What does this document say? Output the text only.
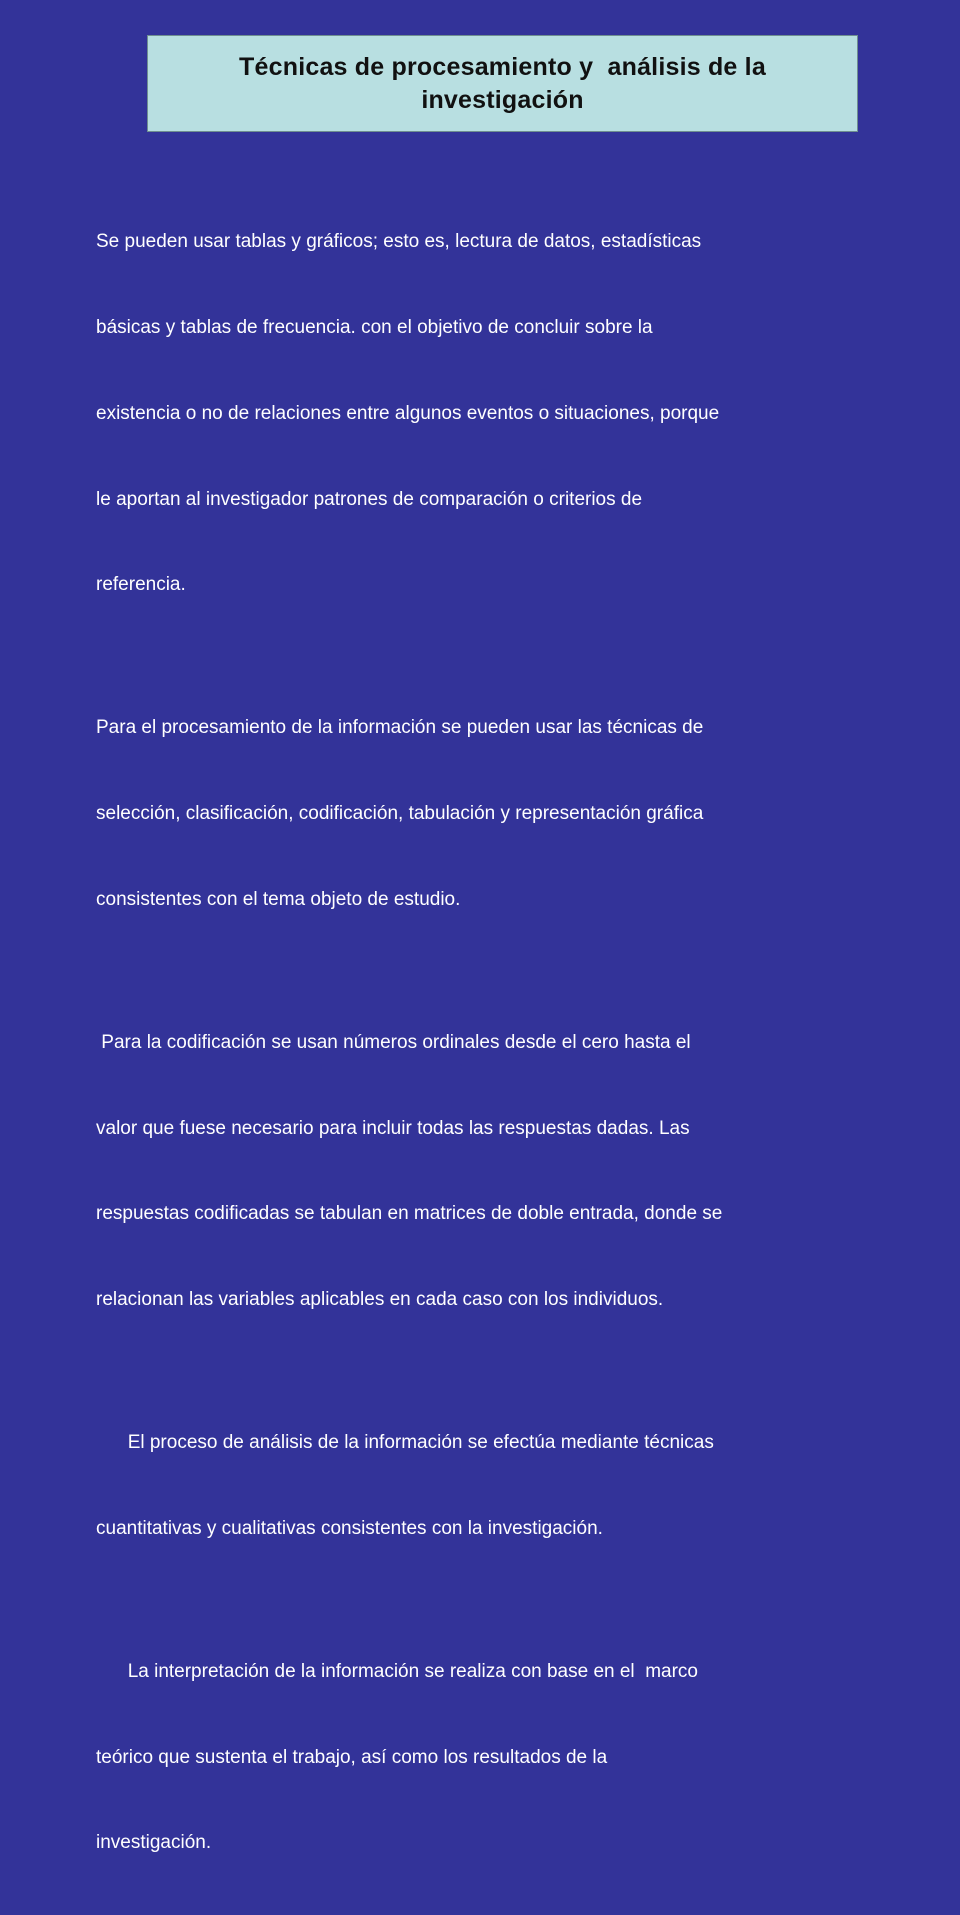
Técnicas de procesamiento y  análisis de la investigación

Se pueden usar tablas y gráficos; esto es, lectura de datos, estadísticas

básicas y tablas de frecuencia. con el objetivo de concluir sobre la

existencia o no de relaciones entre algunos eventos o situaciones, porque

le aportan al investigador patrones de comparación o criterios de

referencia.

Para el procesamiento de la información se pueden usar las técnicas de

selección, clasificación, codificación, tabulación y representación gráfica

consistentes con el tema objeto de estudio.

Para la codificación se usan números ordinales desde el cero hasta el

valor que fuese necesario para incluir todas las respuestas dadas. Las

respuestas codificadas se tabulan en matrices de doble entrada, donde se

relacionan las variables aplicables en cada caso con los individuos.

El proceso de análisis de la información se efectúa mediante técnicas

cuantitativas y cualitativas consistentes con la investigación.

La interpretación de la información se realiza con base en el  marco

teórico que sustenta el trabajo, así como los resultados de la

investigación.
